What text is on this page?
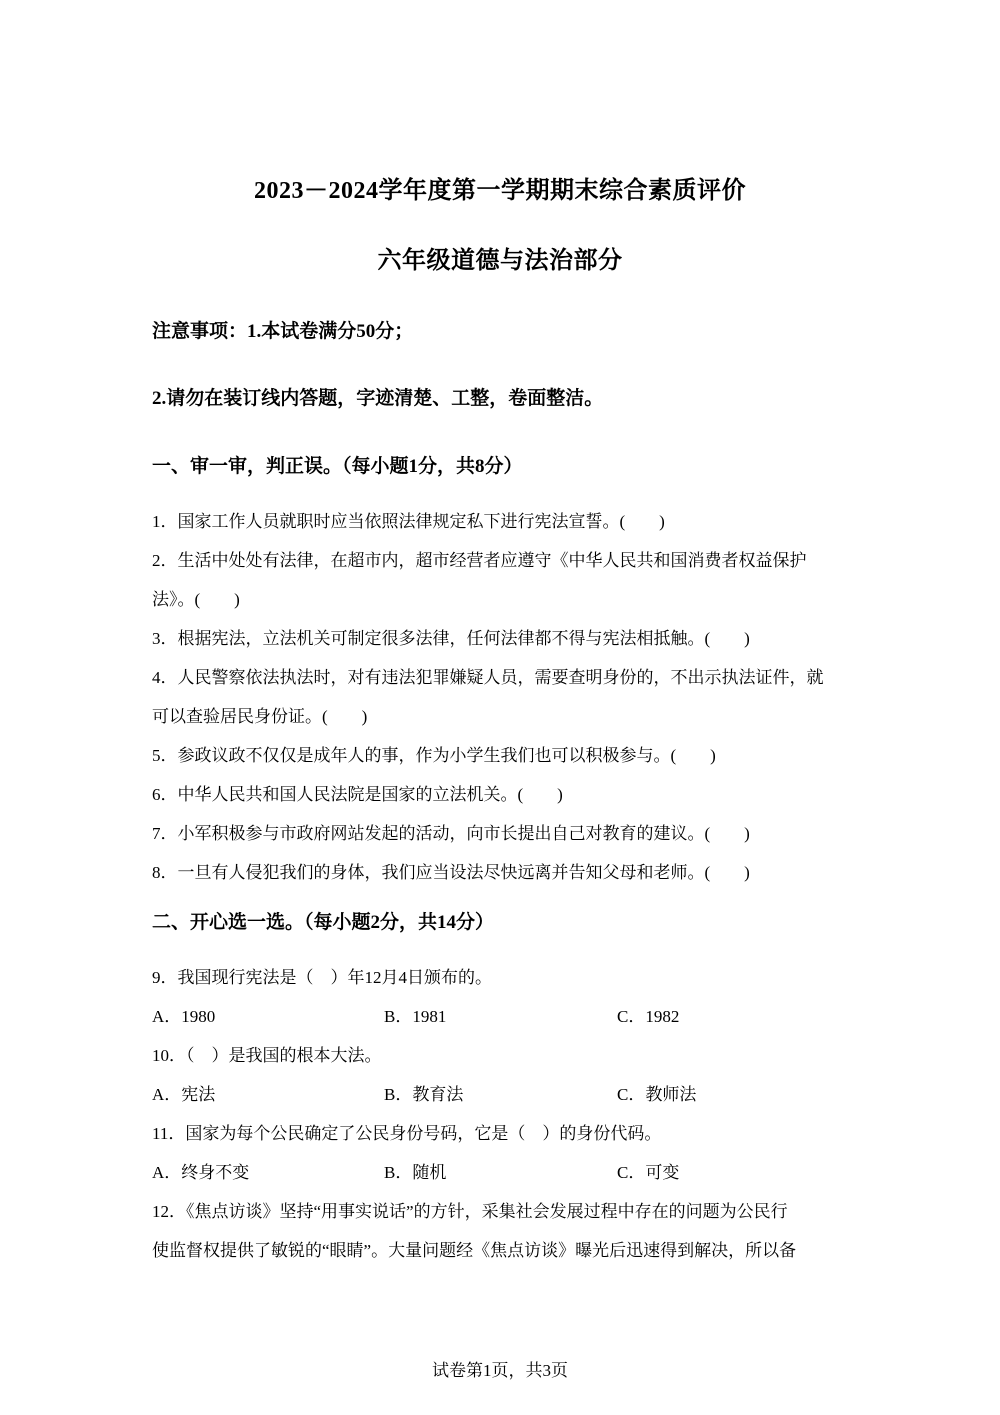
2023－2024学年度第一学期期末综合素质评价
六年级道德与法治部分
注意事项：1.本试卷满分50分；
2.请勿在装订线内答题，字迹清楚、工整，卷面整洁。
一、审一审，判正误。（每小题1分，共8分）
1．国家工作人员就职时应当依照法律规定私下进行宪法宣誓。(　　)
2．生活中处处有法律，在超市内，超市经营者应遵守《中华人民共和国消费者权益保护
法》。(　　)
3．根据宪法，立法机关可制定很多法律，任何法律都不得与宪法相抵触。(　　)
4．人民警察依法执法时，对有违法犯罪嫌疑人员，需要查明身份的，不出示执法证件，就
可以查验居民身份证。(　　)
5．参政议政不仅仅是成年人的事，作为小学生我们也可以积极参与。(　　)
6．中华人民共和国人民法院是国家的立法机关。(　　)
7．小军积极参与市政府网站发起的活动，向市长提出自己对教育的建议。(　　)
8．一旦有人侵犯我们的身体，我们应当设法尽快远离并告知父母和老师。(　　)
二、开心选一选。（每小题2分，共14分）
9．我国现行宪法是（　）年12月4日颁布的。
A．1980	B．1981	C．1982
10．（　）是我国的根本大法。
A．宪法	B．教育法	C．教师法
11．国家为每个公民确定了公民身份号码，它是（　）的身份代码。
A．终身不变	B．随机	C．可变
12．《焦点访谈》坚持“用事实说话”的方针，采集社会发展过程中存在的问题为公民行
使监督权提供了敏锐的“眼睛”。大量问题经《焦点访谈》曝光后迅速得到解决，所以备
试卷第1页，共3页
